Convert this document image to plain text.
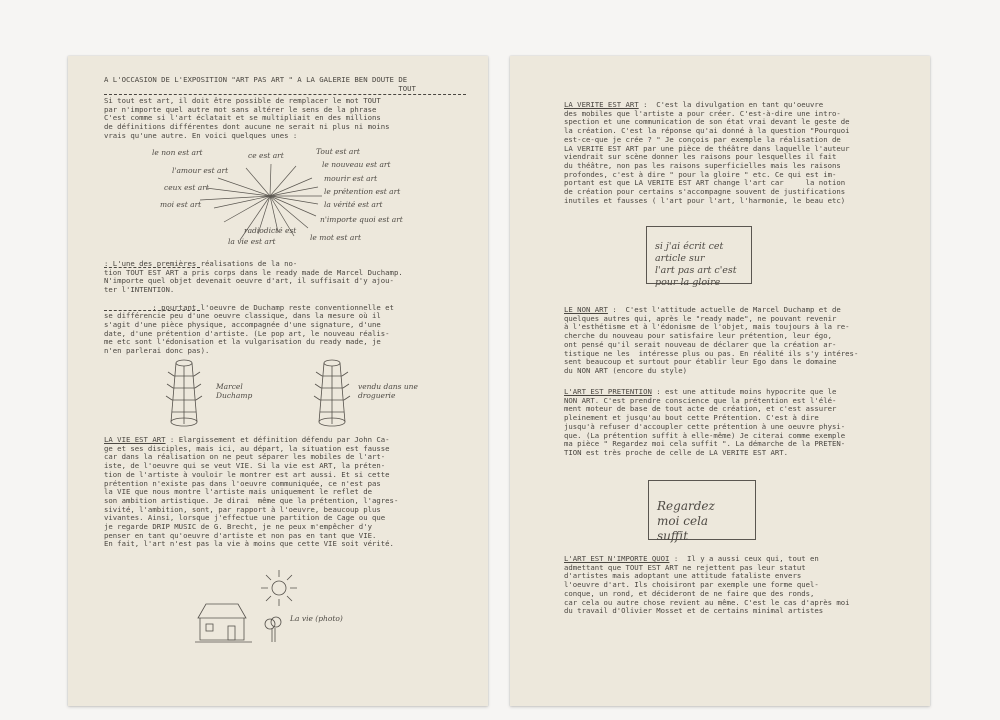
A L'OCCASION DE L'EXPOSITION "ART PAS ART " A LA GALERIE BEN DOUTE DE
TOUT
Si tout est art, il doit être possible de remplacer le mot TOUT
par n'importe quel autre mot sans altérer le sens de la phrase
C'est comme si l'art éclatait et se multipliait en des millions
de définitions différentes dont aucune ne serait ni plus ni moins
vrais qu'une autre. En voici quelques unes :
le non est art	ce est art	Tout est art
l'amour est art
le nouveau est art
ceux est art
mourir est art
le prétention est art
moi est art	la vérité est art
n'importe quoi est art
radiodicté est
le mot est art
la vie est art
: L'une des premières réalisations de la no-
tion TOUT EST ART a pris corps dans le ready made de Marcel Duchamp.
N'importe quel objet devenait oeuvre d'art, il suffisait d'y ajou-
ter l'INTENTION.

: pourtant l'oeuvre de Duchamp reste conventionnelle et
se différencie peu d'une oeuvre classique, dans la mesure où il
s'agit d'une pièce physique, accompagnée d'une signature, d'une
date, d'une prétention d'artiste. (Le pop art, le nouveau réalis-
me etc sont l'édonisation et la vulgarisation du ready made, je
n'en parlerai donc pas).
Marcel
Duchamp
vendu dans une
droguerie
LA VIE EST ART : Elargissement et définition défendu par John Ca-
ge et ses disciples, mais ici, au départ, la situation est fausse
car dans la réalisation on ne peut séparer les mobiles de l'art-
iste, de l'oeuvre qui se veut VIE. Si la vie est ART, la préten-
tion de l'artiste à vouloir le montrer est art aussi. Et si cette
prétention n'existe pas dans l'oeuvre communiquée, ce n'est pas
la VIE que nous montre l'artiste mais uniquement le reflet de
son ambition artistique. Je dirai  même que la prétention, l'agres-
sivité, l'ambition, sont, par rapport à l'oeuvre, beaucoup plus
vivantes. Ainsi, lorsque j'effectue une partition de Cage ou que
je regarde DRIP MUSIC de G. Brecht, je ne peux m'empêcher d'y
penser en tant qu'oeuvre d'artiste et non pas en tant que VIE.
En fait, l'art n'est pas la vie à moins que cette VIE soit vérité.
La vie (photo)
LA VERITE EST ART :  C'est la divulgation en tant qu'oeuvre
des mobiles que l'artiste a pour créer. C'est-à-dire une intro-
spection et une communication de son état vrai devant le geste de
la création. C'est la réponse qu'ai donné à la question "Pourquoi
est-ce-que je crée ? " Je conçois par exemple la réalisation de
LA VERITE EST ART par une pièce de théâtre dans laquelle l'auteur
viendrait sur scène donner les raisons pour lesquelles il fait
du théâtre, non pas les raisons superficielles mais les raisons
profondes, c'est à dire " pour la gloire " etc. Ce qui est im-
portant est que LA VERITE EST ART change l'art car     la notion
de création pour certains s'accompagne souvent de justifications
inutiles et fausses ( l'art pour l'art, l'harmonie, le beau etc)
si j'ai écrit cet
article sur
l'art pas art c'est
pour la gloire
LE NON ART :  C'est l'attitude actuelle de Marcel Duchamp et de
quelques autres qui, après le "ready made", ne pouvant revenir
à l'esthétisme et à l'édonisme de l'objet, mais toujours à la re-
cherche du nouveau pour satisfaire leur prétention, leur égo,
ont pensé qu'il serait nouveau de déclarer que la création ar-
tistique ne les  intéresse plus ou pas. En réalité ils s'y intéres-
sent beaucoup et surtout pour établir leur Ego dans le domaine
du NON ART (encore du style)
L'ART EST PRETENTION : est une attitude moins hypocrite que le
NON ART. C'est prendre conscience que la prétention est l'élé-
ment moteur de base de tout acte de création, et c'est assurer
pleinement et jusqu'au bout cette Prétention. C'est à dire
jusqu'à refuser d'accoupler cette prétention à une oeuvre physi-
que. (La prétention suffit à elle-même) Je citerai comme exemple
ma pièce " Regardez moi cela suffit ". La démarche de la PRETEN-
TION est très proche de celle de LA VERITE EST ART.
Regardez
moi cela
suffit
L'ART EST N'IMPORTE QUOI :  Il y a aussi ceux qui, tout en
admettant que TOUT EST ART ne rejettent pas leur statut
d'artistes mais adoptant une attitude fataliste envers
l'oeuvre d'art. Ils choisiront par exemple une forme quel-
conque, un rond, et décideront de ne faire que des ronds,
car cela ou autre chose revient au même. C'est le cas d'après moi
du travail d'Olivier Mosset et de certains minimal artistes
